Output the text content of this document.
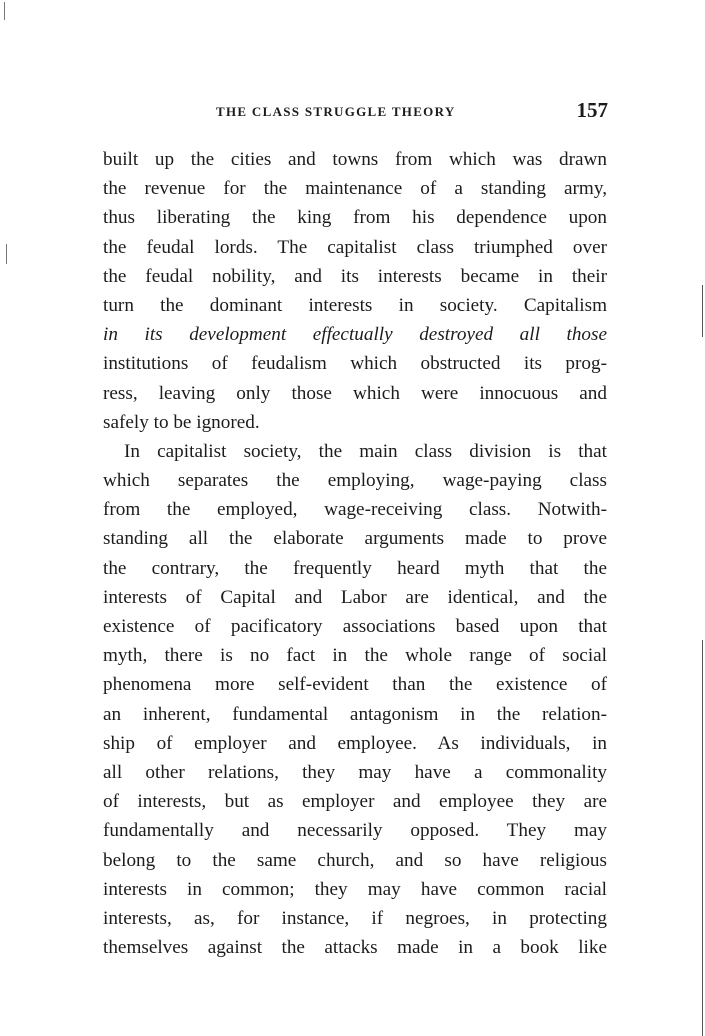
THE CLASS STRUGGLE THEORY	157
built up the cities and towns from which was drawn
the revenue for the maintenance of a standing army,
thus liberating the king from his dependence upon
the feudal lords. The capitalist class triumphed over
the feudal nobility, and its interests became in their
turn the dominant interests in society. Capitalism
in its development effectually destroyed all those
institutions of feudalism which obstructed its prog-
ress, leaving only those which were innocuous and
safely to be ignored.
In capitalist society, the main class division is that
which separates the employing, wage-paying class
from the employed, wage-receiving class. Notwith-
standing all the elaborate arguments made to prove
the contrary, the frequently heard myth that the
interests of Capital and Labor are identical, and the
existence of pacificatory associations based upon that
myth, there is no fact in the whole range of social
phenomena more self-evident than the existence of
an inherent, fundamental antagonism in the relation-
ship of employer and employee. As individuals, in
all other relations, they may have a commonality
of interests, but as employer and employee they are
fundamentally and necessarily opposed. They may
belong to the same church, and so have religious
interests in common; they may have common racial
interests, as, for instance, if negroes, in protecting
themselves against the attacks made in a book like
